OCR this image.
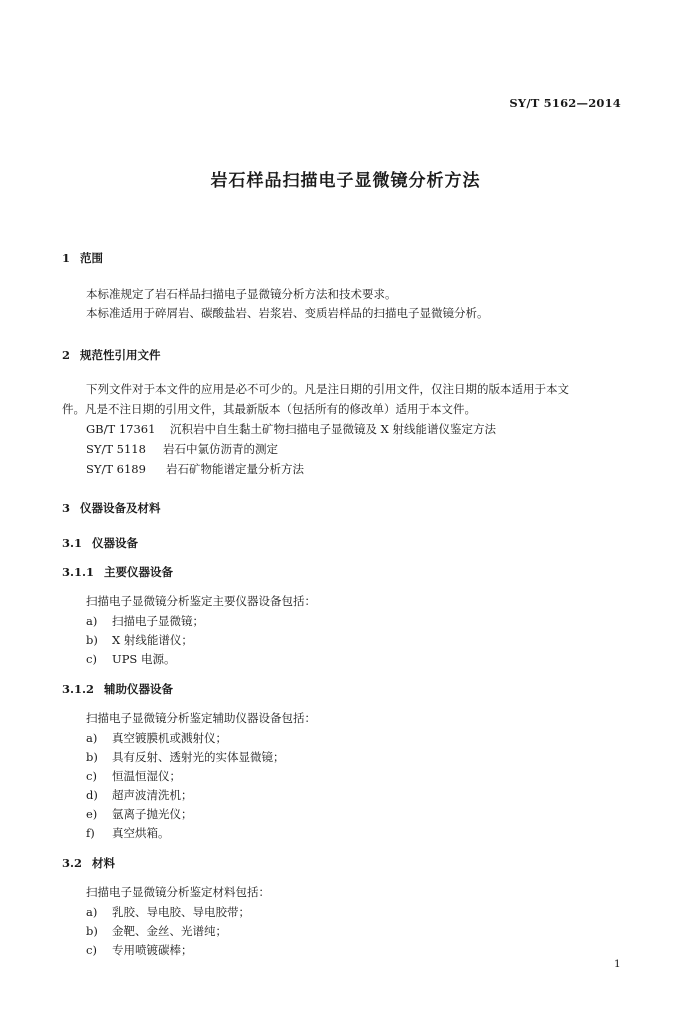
SY/T 5162—2014
岩石样品扫描电子显微镜分析方法
1 范围
本标准规定了岩石样品扫描电子显微镜分析方法和技术要求。
本标准适用于碎屑岩、碳酸盐岩、岩浆岩、变质岩样品的扫描电子显微镜分析。
2 规范性引用文件
下列文件对于本文件的应用是必不可少的。凡是注日期的引用文件，仅注日期的版本适用于本文
件。凡是不注日期的引用文件，其最新版本（包括所有的修改单）适用于本文件。
GB/T 17361 沉积岩中自生黏土矿物扫描电子显微镜及 X 射线能谱仪鉴定方法
SY/T 5118 岩石中氯仿沥青的测定
SY/T 6189 岩石矿物能谱定量分析方法
3 仪器设备及材料
3.1 仪器设备
3.1.1 主要仪器设备
扫描电子显微镜分析鉴定主要仪器设备包括：
a) 扫描电子显微镜；
b) X 射线能谱仪；
c) UPS 电源。
3.1.2 辅助仪器设备
扫描电子显微镜分析鉴定辅助仪器设备包括：
a) 真空镀膜机或溅射仪；
b) 具有反射、透射光的实体显微镜；
c) 恒温恒湿仪；
d) 超声波清洗机；
e) 氩离子抛光仪；
f) 真空烘箱。
3.2 材料
扫描电子显微镜分析鉴定材料包括：
a) 乳胶、导电胶、导电胶带；
b) 金靶、金丝、光谱纯；
c) 专用喷镀碳棒；
1
